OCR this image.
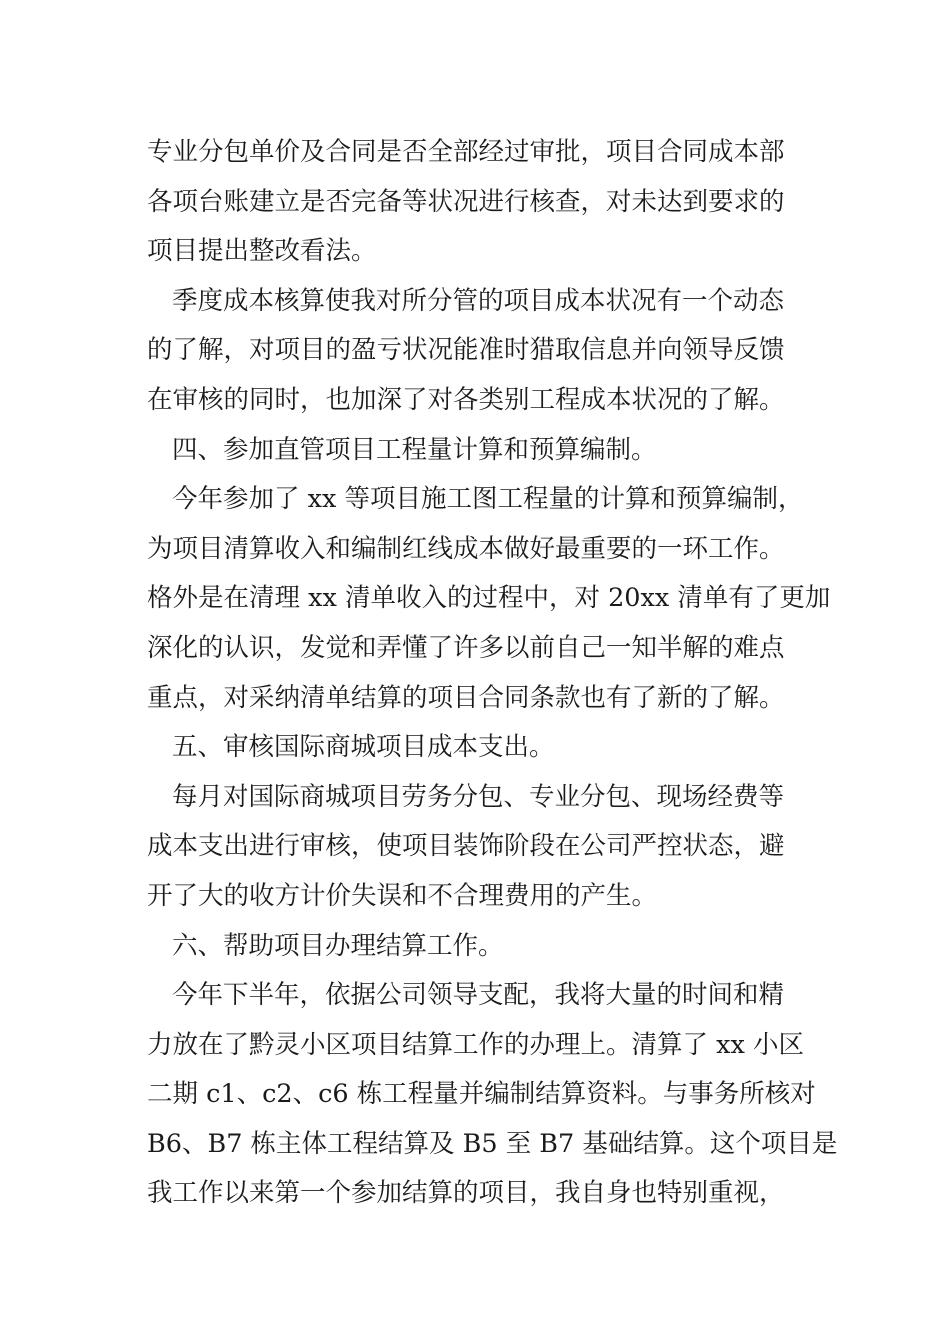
专业分包单价及合同是否全部经过审批，项目合同成本部
各项台账建立是否完备等状况进行核查，对未达到要求的
项目提出整改看法。
季度成本核算使我对所分管的项目成本状况有一个动态
的了解，对项目的盈亏状况能准时猎取信息并向领导反馈
在审核的同时，也加深了对各类别工程成本状况的了解。
四、参加直管项目工程量计算和预算编制。
今年参加了 xx 等项目施工图工程量的计算和预算编制，
为项目清算收入和编制红线成本做好最重要的一环工作。
格外是在清理 xx 清单收入的过程中，对 20xx 清单有了更加
深化的认识，发觉和弄懂了许多以前自己一知半解的难点
重点，对采纳清单结算的项目合同条款也有了新的了解。
五、审核国际商城项目成本支出。
每月对国际商城项目劳务分包、专业分包、现场经费等
成本支出进行审核，使项目装饰阶段在公司严控状态，避
开了大的收方计价失误和不合理费用的产生。
六、帮助项目办理结算工作。
今年下半年，依据公司领导支配，我将大量的时间和精
力放在了黔灵小区项目结算工作的办理上。清算了 xx 小区
二期 c1、c2、c6 栋工程量并编制结算资料。与事务所核对
B6、B7 栋主体工程结算及 B5 至 B7 基础结算。这个项目是
我工作以来第一个参加结算的项目，我自身也特别重视，
